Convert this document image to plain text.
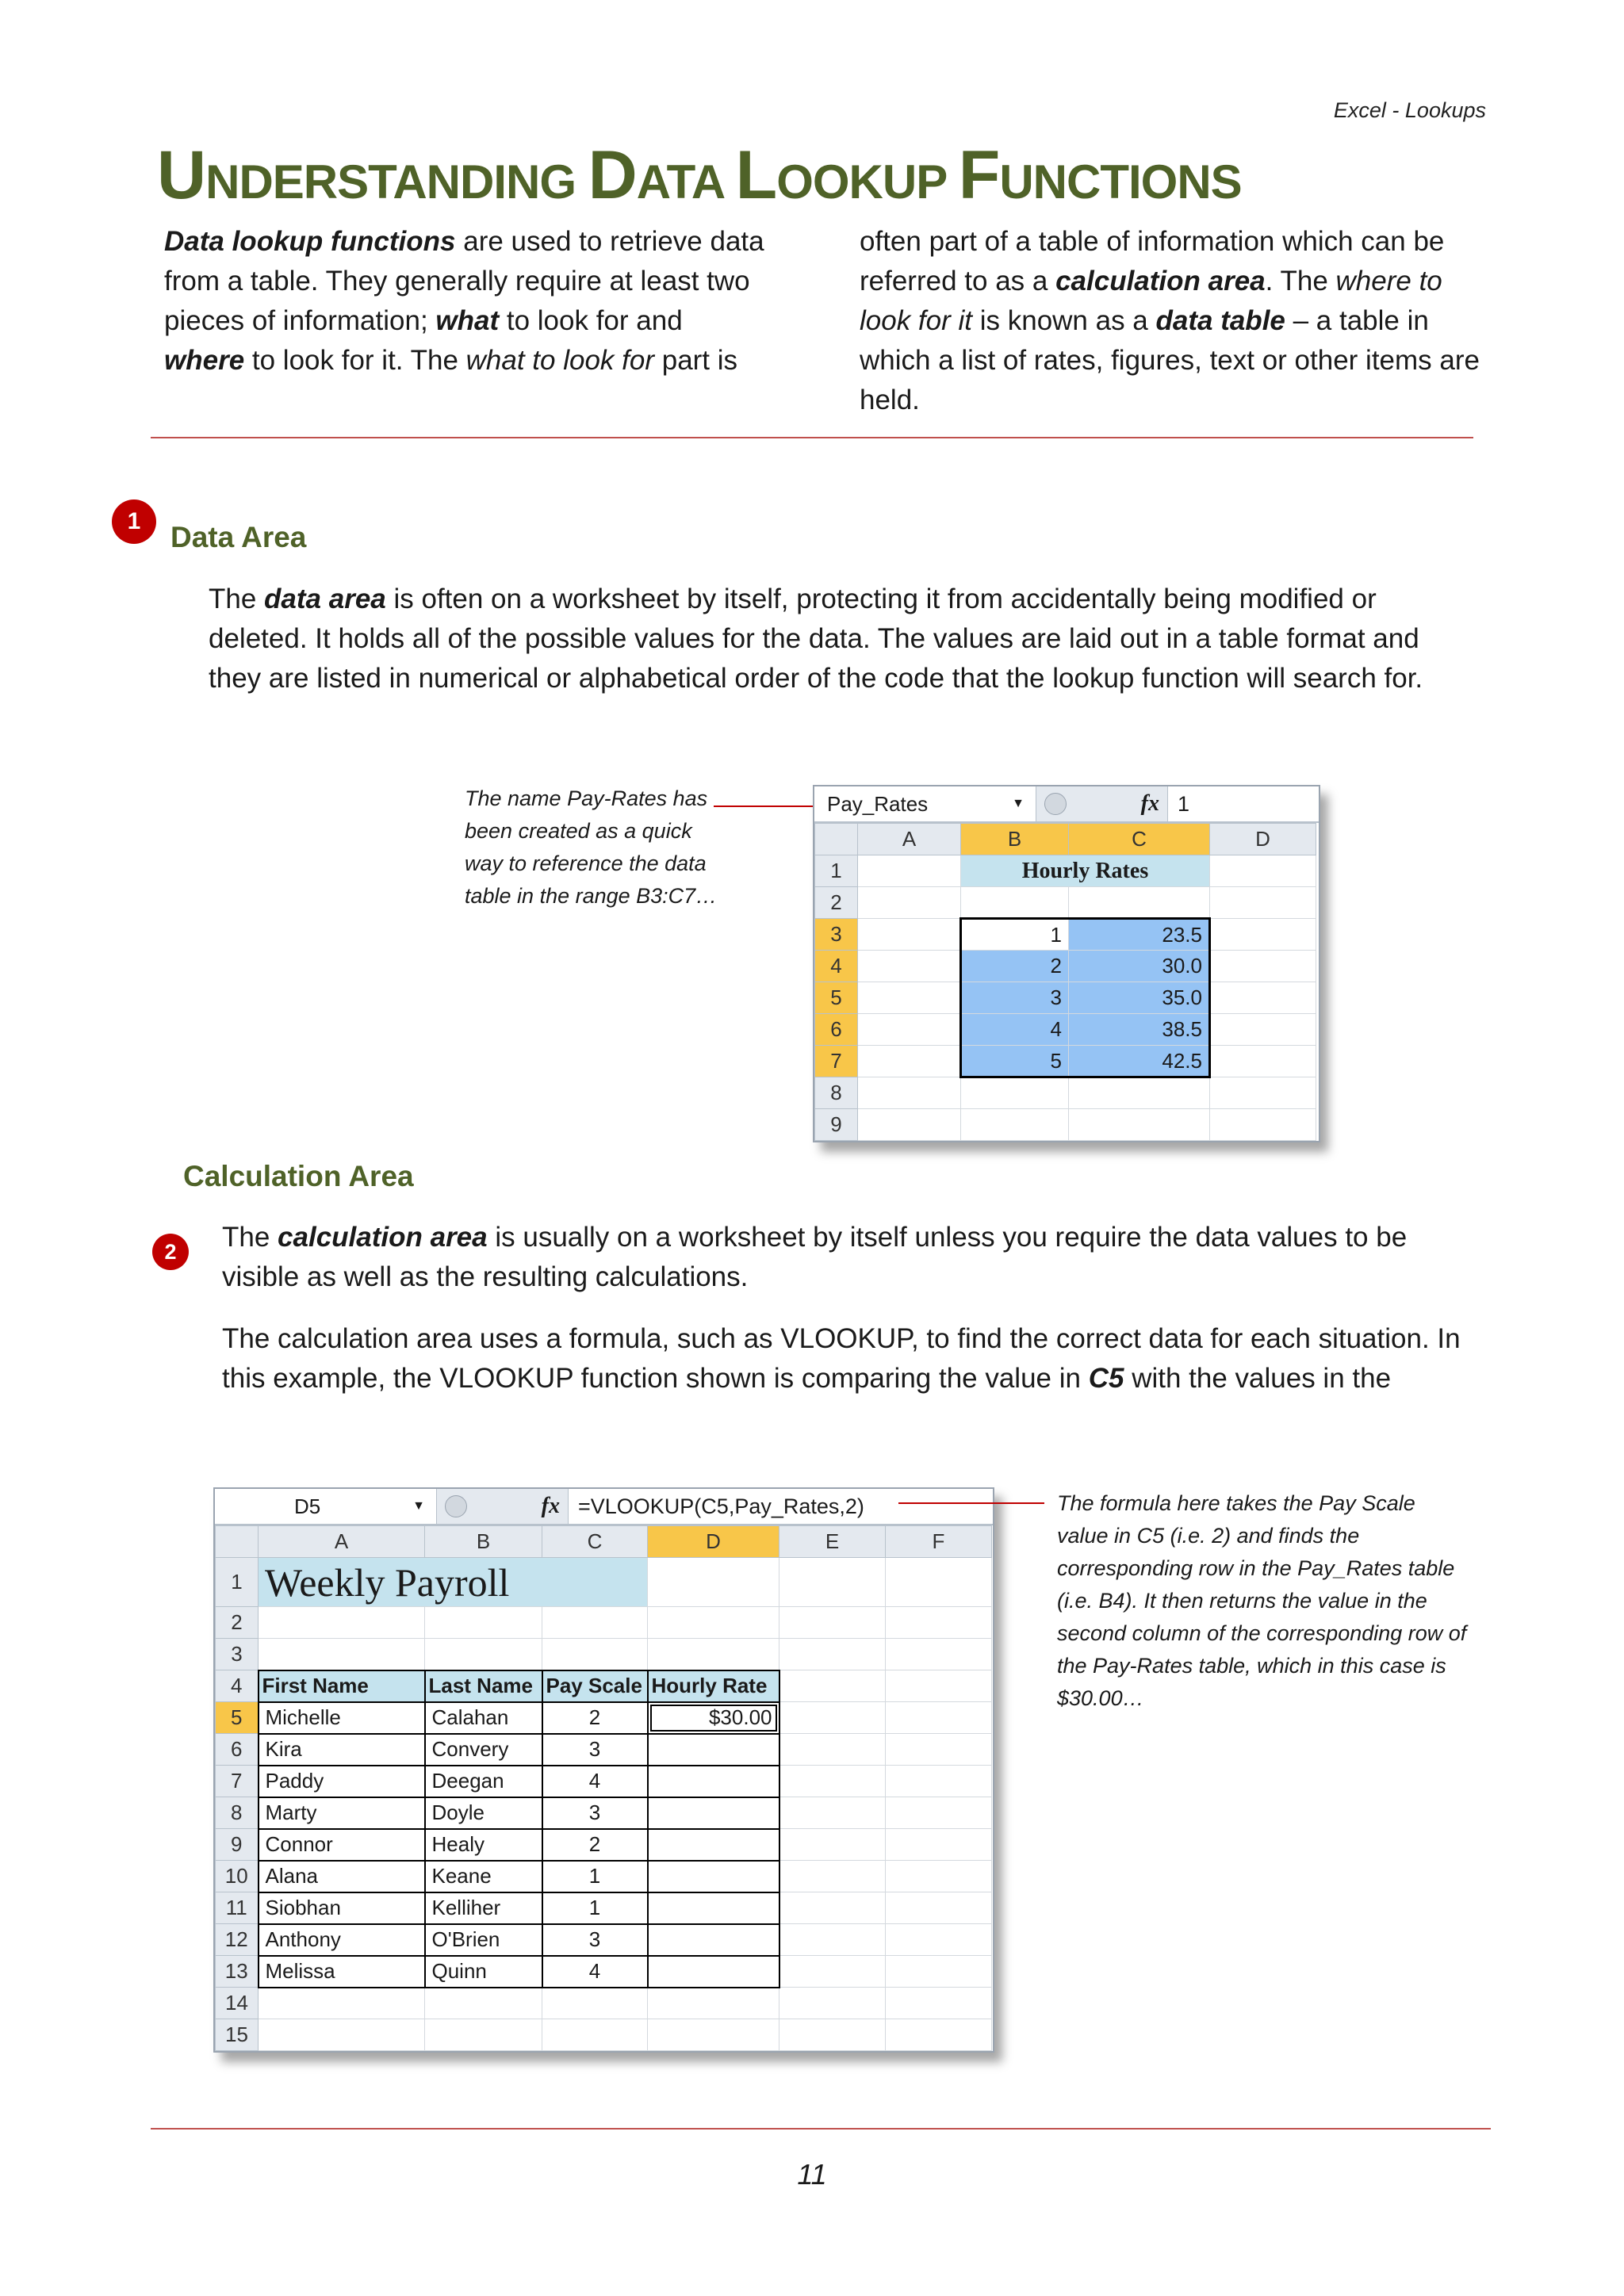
Excel - Lookups
UNDERSTANDING DATA LOOKUP FUNCTIONS
Data lookup functions are used to retrieve data from a table. They generally require at least two pieces of information; what to look for and where to look for it. The what to look for part is
often part of a table of information which can be referred to as a calculation area. The where to look for it is known as a data table – a table in which a list of rates, figures, text or other items are held.
1	Data Area
The data area is often on a worksheet by itself, protecting it from accidentally being modified or deleted. It holds all of the possible values for the data. The values are laid out in a table format and they are listed in numerical or alphabetical order of the code that the lookup function will search for.
The name Pay-Rates has been created as a quick way to reference the data table in the range B3:C7…
Pay_Rates	▼	fx 1
	A	B	C	D
1		Hourly Rates		
2				
3		1	23.5	
4		2	30.0	
5		3	35.0	
6		4	38.5	
7		5	42.5	
8				
9				
Calculation Area
2	The calculation area is usually on a worksheet by itself unless you require the data values to be visible as well as the resulting calculations.
The calculation area uses a formula, such as VLOOKUP, to find the correct data for each situation. In this example, the VLOOKUP function shown is comparing the value in C5 with the values in the
D5	▼	fx =VLOOKUP(C5,Pay_Rates,2)
	A	B	C	D	E	F
1	Weekly Payroll					
2						
3						
4	First Name	Last Name	Pay Scale	Hourly Rate		
5	Michelle	Calahan	2	$30.00		
6	Kira	Convery	3			
7	Paddy	Deegan	4			
8	Marty	Doyle	3			
9	Connor	Healy	2			
10	Alana	Keane	1			
11	Siobhan	Kelliher	1			
12	Anthony	O'Brien	3			
13	Melissa	Quinn	4			
14						
15						
The formula here takes the Pay Scale value in C5 (i.e. 2) and finds the corresponding row in the Pay_Rates table (i.e. B4). It then returns the value in the second column of the corresponding row of the Pay-Rates table, which in this case is $30.00…
11
